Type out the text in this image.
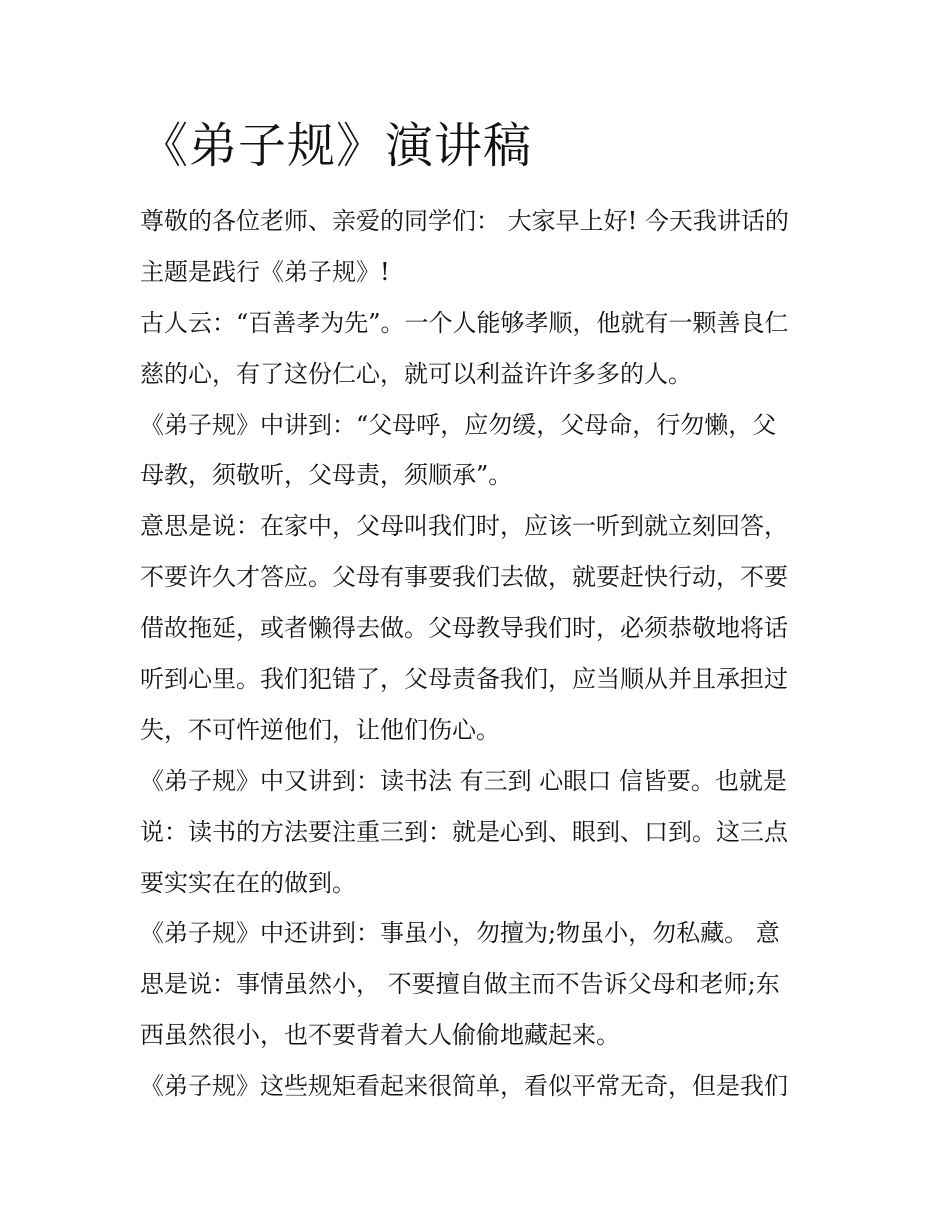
《弟子规》演讲稿
尊敬的各位老师、亲爱的同学们： 大家早上好! 今天我讲话的
主题是践行《弟子规》!
古人云：“百善孝为先”。一个人能够孝顺，他就有一颗善良仁
慈的心，有了这份仁心，就可以利益许许多多的人。
《弟子规》中讲到：“父母呼，应勿缓，父母命，行勿懒，父
母教，须敬听，父母责，须顺承”。
意思是说：在家中，父母叫我们时，应该一听到就立刻回答，
不要许久才答应。父母有事要我们去做，就要赶快行动，不要
借故拖延，或者懒得去做。父母教导我们时，必须恭敬地将话
听到心里。我们犯错了，父母责备我们，应当顺从并且承担过
失，不可忤逆他们，让他们伤心。
《弟子规》中又讲到：读书法 有三到 心眼口 信皆要。也就是
说：读书的方法要注重三到：就是心到、眼到、口到。这三点
要实实在在的做到。
《弟子规》中还讲到：事虽小，勿擅为;物虽小，勿私藏。 意
思是说：事情虽然小， 不要擅自做主而不告诉父母和老师;东
西虽然很小，也不要背着大人偷偷地藏起来。
《弟子规》这些规矩看起来很简单，看似平常无奇，但是我们
